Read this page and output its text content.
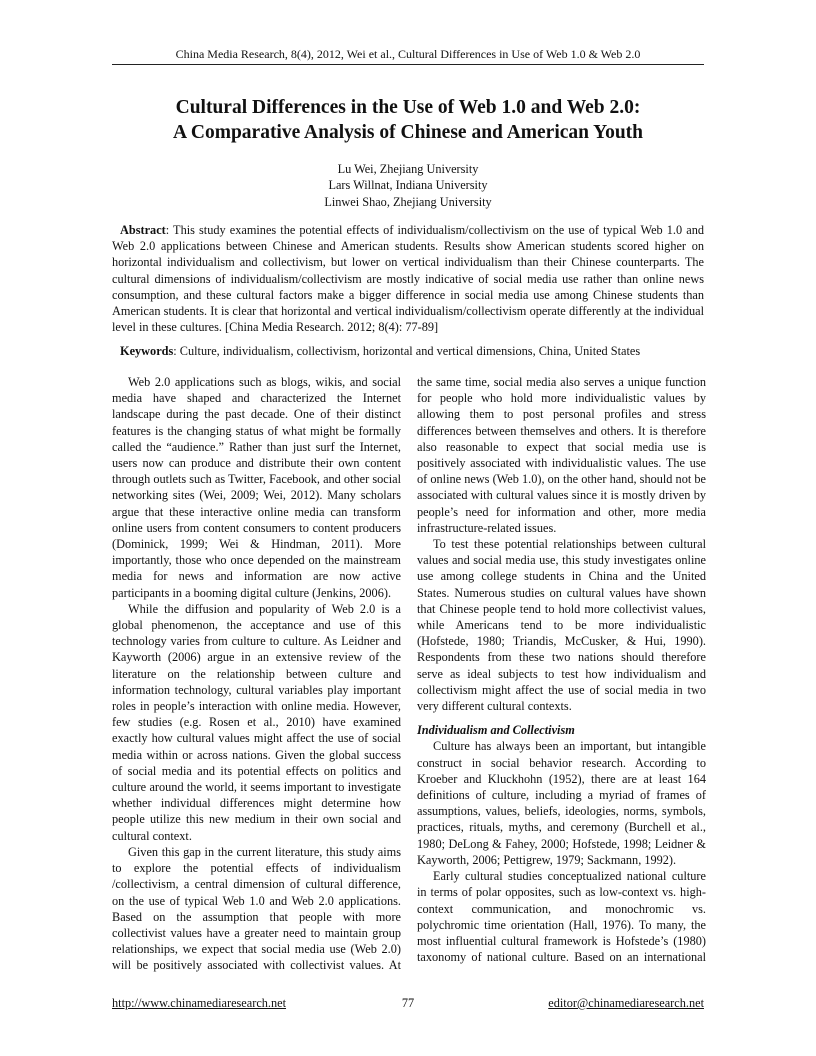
China Media Research, 8(4), 2012, Wei et al., Cultural Differences in Use of Web 1.0 & Web 2.0
Cultural Differences in the Use of Web 1.0 and Web 2.0:
A Comparative Analysis of Chinese and American Youth
Lu Wei, Zhejiang University
Lars Willnat, Indiana University
Linwei Shao, Zhejiang University

Abstract: This study examines the potential effects of individualism/collectivism on the use of typical Web 1.0 and Web 2.0 applications between Chinese and American students. Results show American students scored higher on horizontal individualism and collectivism, but lower on vertical individualism than their Chinese counterparts. The cultural dimensions of individualism/collectivism are mostly indicative of social media use rather than online news consumption, and these cultural factors make a bigger difference in social media use among Chinese students than American students. It is clear that horizontal and vertical individualism/collectivism operate differently at the individual level in these cultures. [China Media Research. 2012; 8(4): 77-89]

Keywords: Culture, individualism, collectivism, horizontal and vertical dimensions, China, United States

Web 2.0 applications such as blogs, wikis, and social media have shaped and characterized the Internet landscape during the past decade. One of their distinct features is the changing status of what might be formally called the “audience.” Rather than just surf the Internet, users now can produce and distribute their own content through outlets such as Twitter, Facebook, and other social networking sites (Wei, 2009; Wei, 2012). Many scholars argue that these interactive online media can transform online users from content consumers to content producers (Dominick, 1999; Wei & Hindman, 2011). More importantly, those who once depended on the mainstream media for news and information are now active participants in a booming digital culture (Jenkins, 2006).

While the diffusion and popularity of Web 2.0 is a global phenomenon, the acceptance and use of this technology varies from culture to culture. As Leidner and Kayworth (2006) argue in an extensive review of the literature on the relationship between culture and information technology, cultural variables play important roles in people’s interaction with online media. However, few studies (e.g. Rosen et al., 2010) have examined exactly how cultural values might affect the use of social media within or across nations. Given the global success of social media and its potential effects on politics and culture around the world, it seems important to investigate whether individual differences might determine how people utilize this new medium in their own social and cultural context.

Given this gap in the current literature, this study aims to explore the potential effects of individualism /collectivism, a central dimension of cultural difference, on the use of typical Web 1.0 and Web 2.0 applications. Based on the assumption that people with more collectivist values have a greater need to maintain group relationships, we expect that social media use (Web 2.0) will be positively associated with collectivist values. At

the same time, social media also serves a unique function for people who hold more individualistic values by allowing them to post personal profiles and stress differences between themselves and others. It is therefore also reasonable to expect that social media use is positively associated with individualistic values. The use of online news (Web 1.0), on the other hand, should not be associated with cultural values since it is mostly driven by people’s need for information and other, more media infrastructure-related issues.

To test these potential relationships between cultural values and social media use, this study investigates online use among college students in China and the United States. Numerous studies on cultural values have shown that Chinese people tend to hold more collectivist values, while Americans tend to be more individualistic (Hofstede, 1980; Triandis, McCusker, & Hui, 1990). Respondents from these two nations should therefore serve as ideal subjects to test how individualism and collectivism might affect the use of social media in two very different cultural contexts.

Individualism and Collectivism

Culture has always been an important, but intangible construct in social behavior research. According to Kroeber and Kluckhohn (1952), there are at least 164 definitions of culture, including a myriad of frames of assumptions, values, beliefs, ideologies, norms, symbols, practices, rituals, myths, and ceremony (Burchell et al., 1980; DeLong & Fahey, 2000; Hofstede, 1998; Leidner & Kayworth, 2006; Pettigrew, 1979; Sackmann, 1992).

Early cultural studies conceptualized national culture in terms of polar opposites, such as low-context vs. high-context communication, and monochromic vs. polychromic time orientation (Hall, 1976). To many, the most influential cultural framework is Hofstede’s (1980) taxonomy of national culture. Based on an international

http://www.chinamediaresearch.net	77	editor@chinamediaresearch.net
